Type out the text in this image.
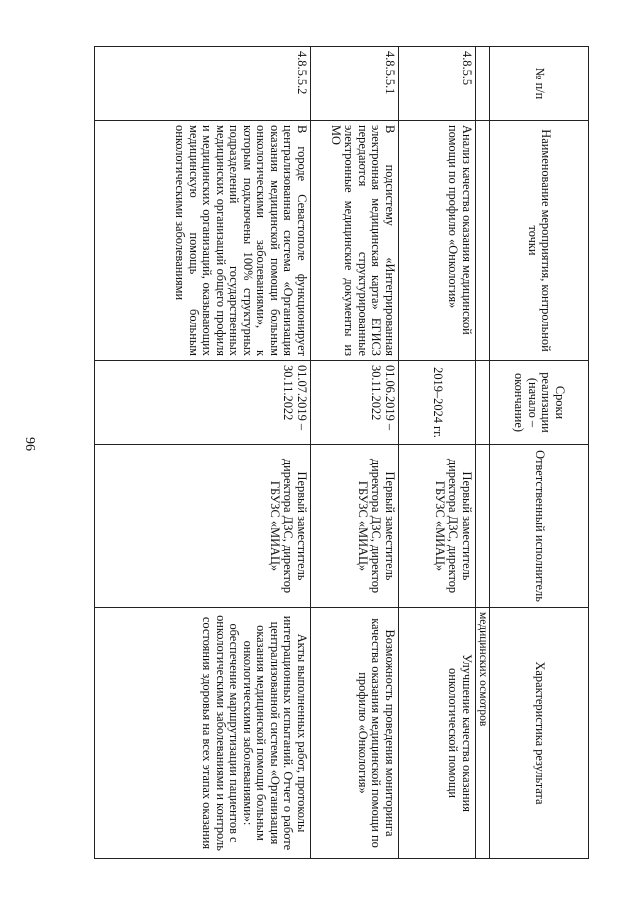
96
№ п/п
4.8.5.5
4.8.5.5.1
4.8.5.5.2
Наименование мероприятия, контрольной точки
Анализ качества оказания медицинской помощи по профилю «Онкология»
В подсистему «Интегрированная электронная медицинская карта» ЕГИСЗ передаются структурированные электронные медицинские документы из МО
В городе Севастополе функционирует централизованная система «Организация оказания медицинской помощи больным онкологическими заболеваниями», к которым подключены 100% структурных подразделений государственных медицинских организаций общего профиля и медицинских организаций, оказывающих медицинскую помощь больным онкологическими заболеваниями
Сроки реализации (начало – окончание)
2019–2024 гг.
01.06.2019 – 30.11.2022
01.07.2019 – 30.11.2022
Ответственный исполнитель
Первый заместитель директора ДЗС, директор ГБУЗС «МИАЦ»
Первый заместитель директора ДЗС, директор ГБУЗС «МИАЦ»
Первый заместитель директора ДЗС, директор ГБУЗС «МИАЦ»
Характеристика результата
медицинских осмотров
Улучшение качества оказания онкологической помощи
Возможность проведения мониторинга качества оказания медицинской помощи по профилю «Онкология»
Акты выполненных работ, протоколы интеграционных испытаний. Отчет о работе централизованной системы «Организация оказания медицинской помощи больным онкологическими заболеваниями»: обеспечение маршрутизации пациентов с онкологическими заболеваниями и контроль состояния здоровья на всех этапах оказания
